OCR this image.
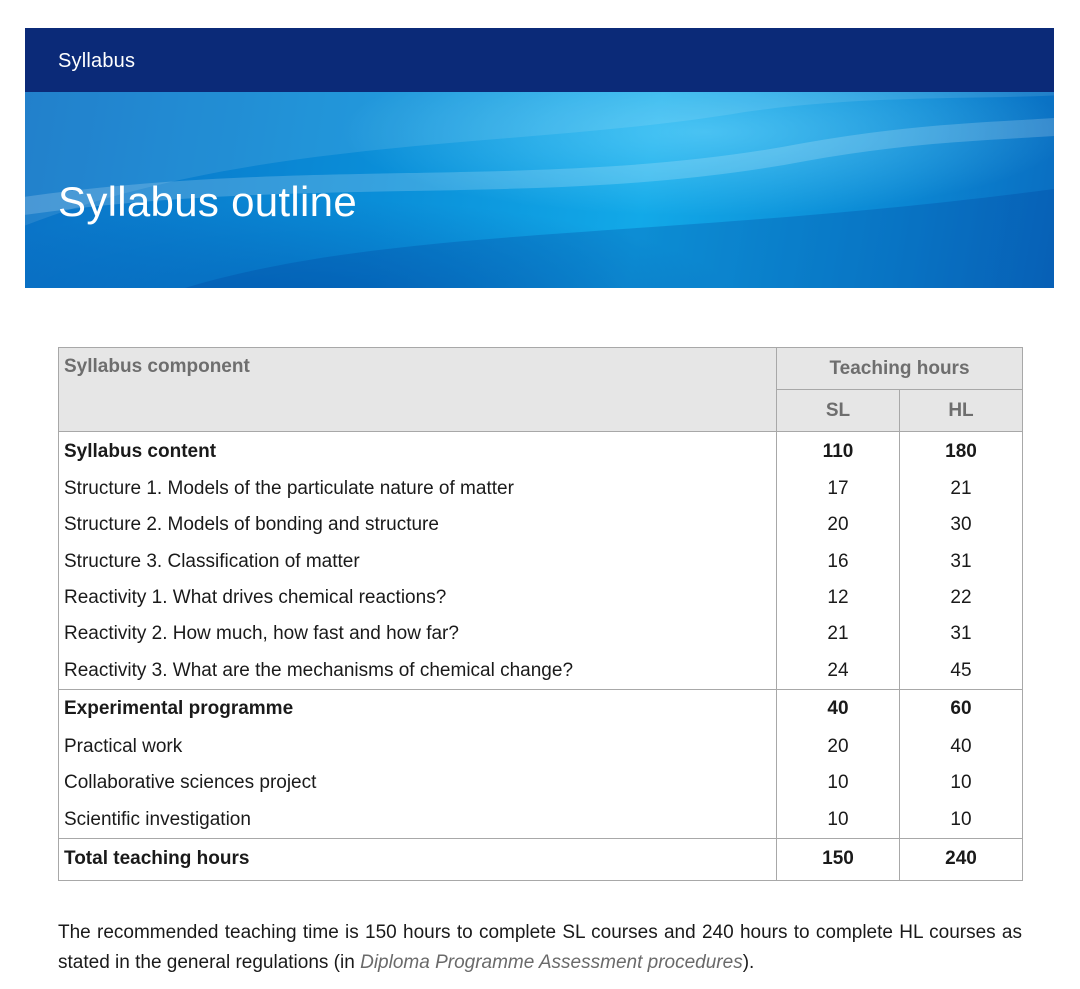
Syllabus
Syllabus outline
Syllabus component	Teaching hours	
	SL	HL
Syllabus content	110	180
Structure 1. Models of the particulate nature of matter	17	21
Structure 2. Models of bonding and structure	20	30
Structure 3. Classification of matter	16	31
Reactivity 1. What drives chemical reactions?	12	22
Reactivity 2. How much, how fast and how far?	21	31
Reactivity 3. What are the mechanisms of chemical change?	24	45
Experimental programme	40	60
Practical work	20	40
Collaborative sciences project	10	10
Scientific investigation	10	10
Total teaching hours	150	240

The recommended teaching time is 150 hours to complete SL courses and 240 hours to complete HL courses as stated in the general regulations (in Diploma Programme Assessment procedures).
